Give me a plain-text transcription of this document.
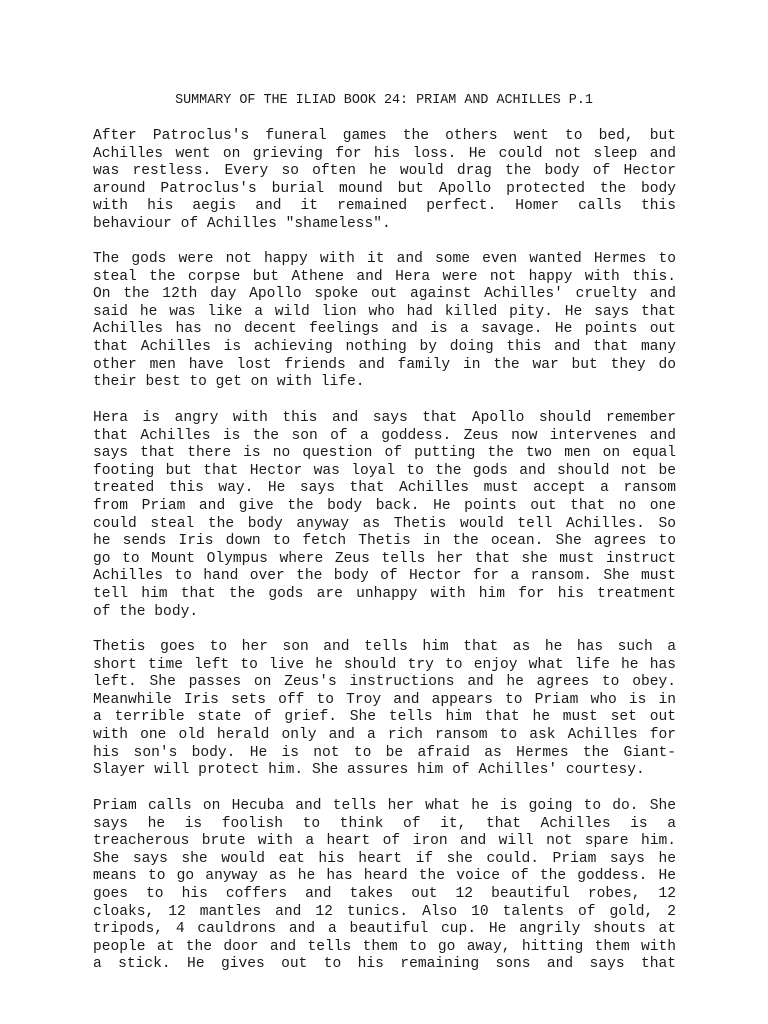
SUMMARY OF THE ILIAD BOOK 24: PRIAM AND ACHILLES P.1
After Patroclus's funeral games the others went to bed, but
Achilles went on grieving for his loss. He could not sleep and
was restless. Every so often he would drag the body of Hector
around Patroclus's burial mound but Apollo protected the body
with his aegis and it remained perfect. Homer calls this
behaviour of Achilles "shameless".
The gods were not happy with it and some even wanted Hermes to
steal the corpse but Athene and Hera were not happy with this.
On the 12th day Apollo spoke out against Achilles' cruelty and
said he was like a wild lion who had killed pity. He says that
Achilles has no decent feelings and is a savage. He points out
that Achilles is achieving nothing by doing this and that many
other men have lost friends and family in the war but they do
their best to get on with life.
Hera is angry with this and says that Apollo should remember
that Achilles is the son of a goddess. Zeus now intervenes and
says that there is no question of putting the two men on equal
footing but that Hector was loyal to the gods and should not be
treated this way. He says that Achilles must accept a ransom
from Priam and give the body back. He points out that no one
could steal the body anyway as Thetis would tell Achilles. So
he sends Iris down to fetch Thetis in the ocean. She agrees to
go to Mount Olympus where Zeus tells her that she must instruct
Achilles to hand over the body of Hector for a ransom. She must
tell him that the gods are unhappy with him for his treatment
of the body.
Thetis goes to her son and tells him that as he has such a
short time left to live he should try to enjoy what life he has
left. She passes on Zeus's instructions and he agrees to obey.
Meanwhile Iris sets off to Troy and appears to Priam who is in
a terrible state of grief. She tells him that he must set out
with one old herald only and a rich ransom to ask Achilles for
his son's body. He is not to be afraid as Hermes the Giant-
Slayer will protect him. She assures him of Achilles' courtesy.
Priam calls on Hecuba and tells her what he is going to do. She
says he is foolish to think of it, that Achilles is a
treacherous brute with a heart of iron and will not spare him.
She says she would eat his heart if she could. Priam says he
means to go anyway as he has heard the voice of the goddess. He
goes to his coffers and takes out 12 beautiful robes, 12
cloaks, 12 mantles and 12 tunics. Also 10 talents of gold, 2
tripods, 4 cauldrons and a beautiful cup. He angrily shouts at
people at the door and tells them to go away, hitting them with
a stick. He gives out to his remaining sons and says that
